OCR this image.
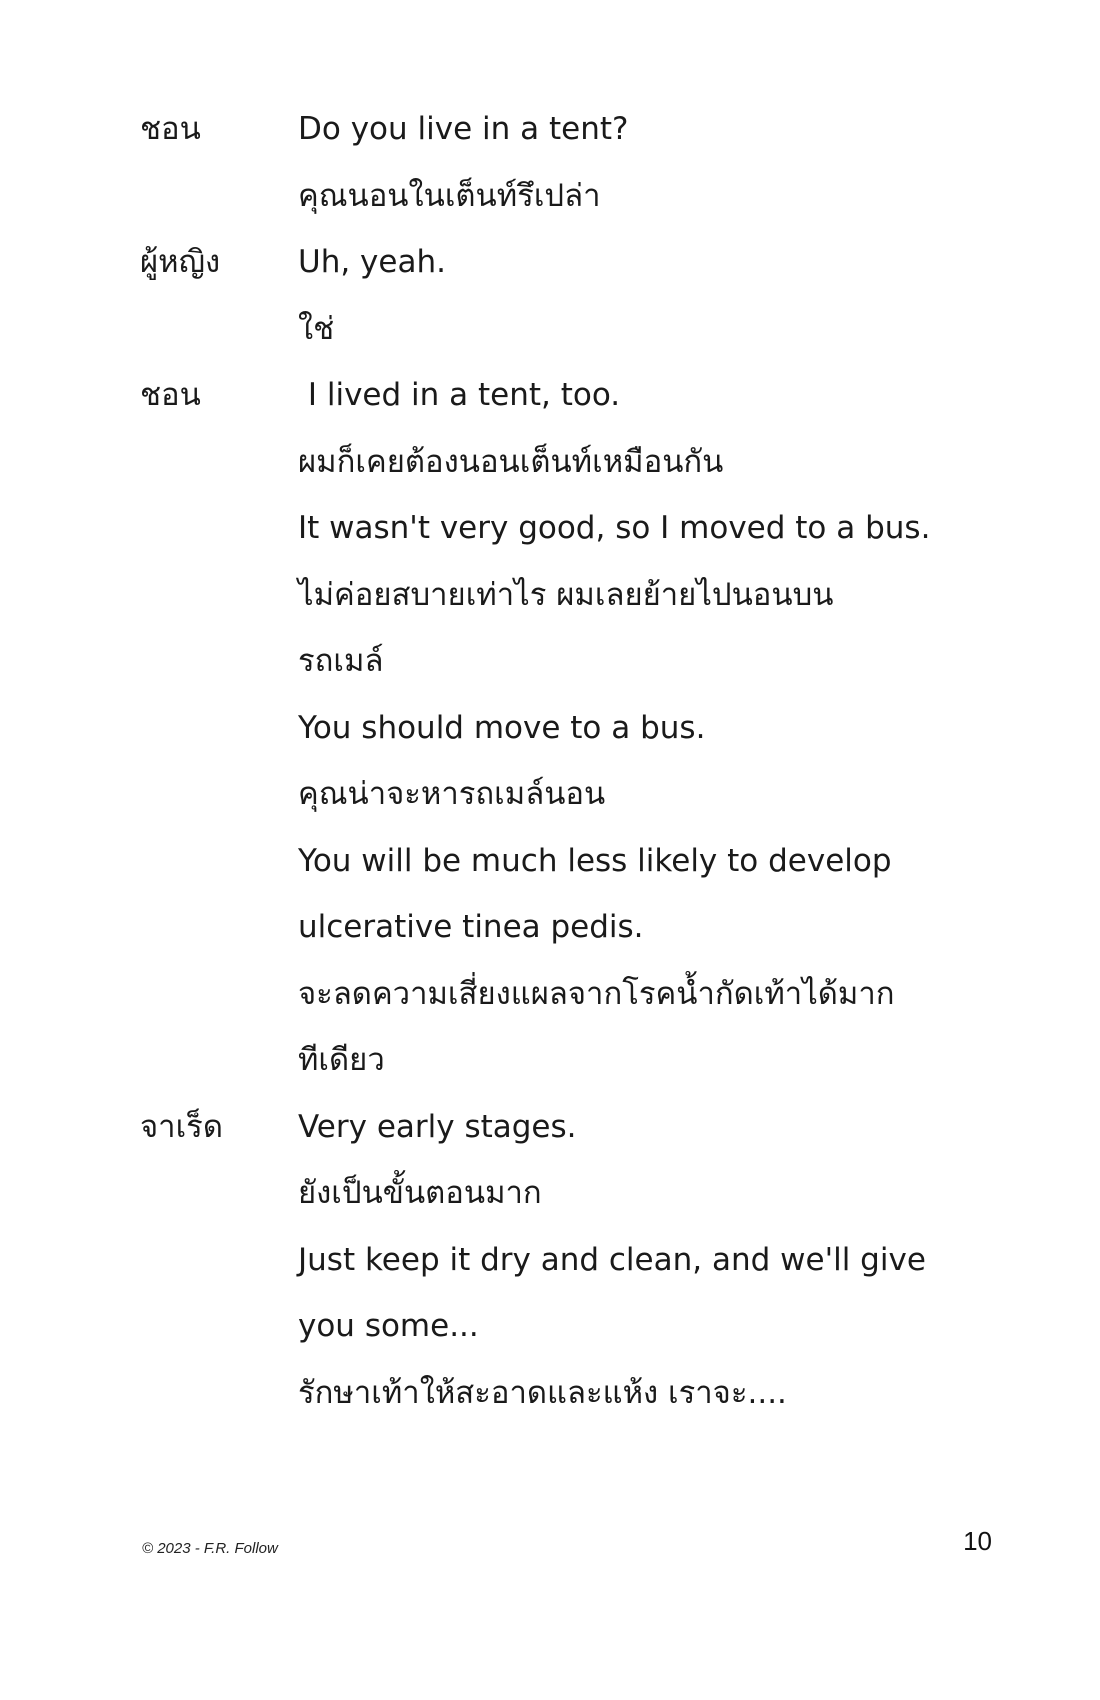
ชอน	Do you live in a tent?
คุณนอนในเต็นท์รึเปล่า
ผู้หญิง	Uh, yeah.
ใช่
ชอน	I lived in a tent, too.
ผมก็เคยต้องนอนเต็นท์เหมือนกัน
It wasn't very good, so I moved to a bus.
ไม่ค่อยสบายเท่าไร ผมเลยย้ายไปนอนบน
รถเมล์
You should move to a bus.
คุณน่าจะหารถเมล์นอน
You will be much less likely to develop
ulcerative tinea pedis.
จะลดความเสี่ยงแผลจากโรคน้ำกัดเท้าได้มาก
ทีเดียว
จาเร็ด	Very early stages.
ยังเป็นขั้นตอนมาก
Just keep it dry and clean, and we'll give
you some...
รักษาเท้าให้สะอาดและแห้ง เราจะ....
© 2023 - F.R. Follow	10
